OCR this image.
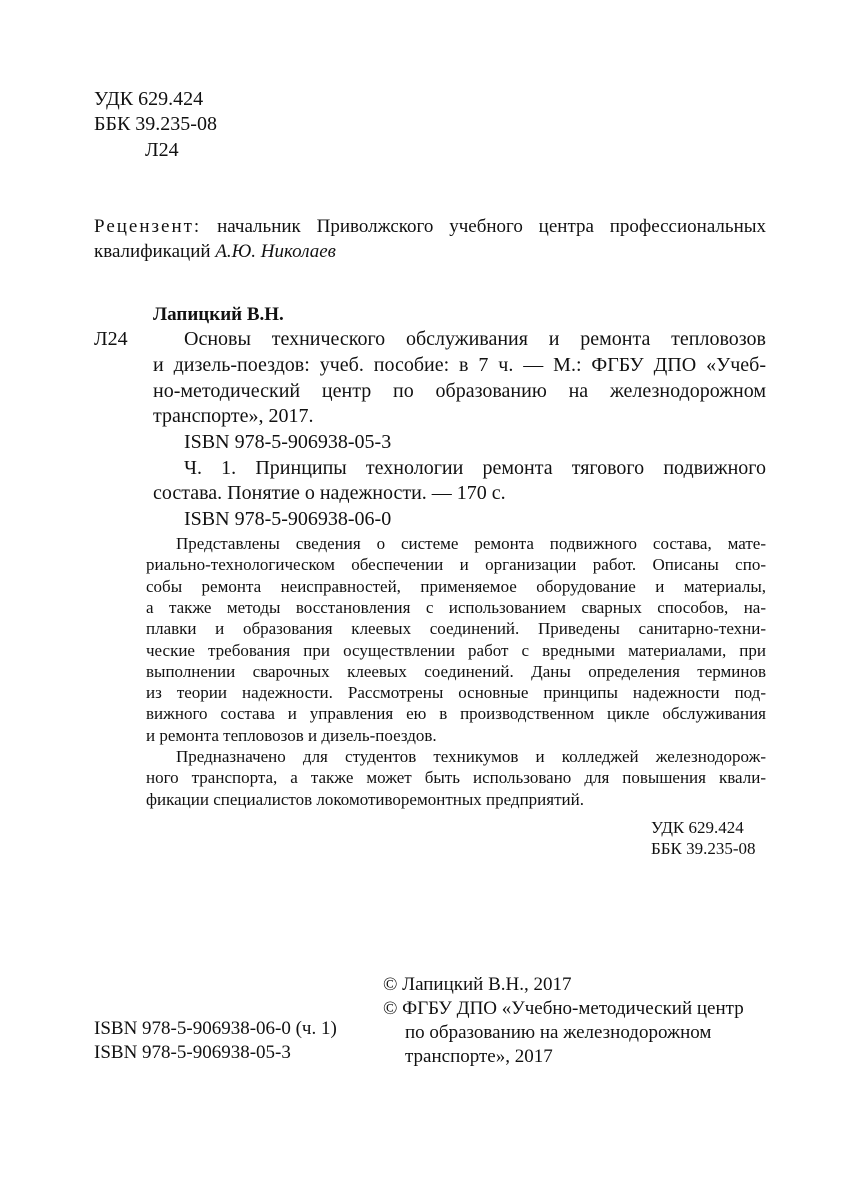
УДК 629.424
ББК 39.235-08
Л24
Рецензент: начальник Приволжского учебного центра профессиональных
квалификаций А.Ю. Николаев
Лапицкий В.Н.
Л24	Основы технического обслуживания и ремонта тепловозов
и дизель-поездов: учеб. пособие: в 7 ч. — М.: ФГБУ ДПО «Учеб-
но-методический центр по образованию на железнодорожном
транспорте», 2017.
ISBN 978-5-906938-05-3
Ч. 1. Принципы технологии ремонта тягового подвижного
состава. Понятие о надежности. — 170 с.
ISBN 978-5-906938-06-0
Представлены сведения о системе ремонта подвижного состава, мате-
риально-технологическом обеспечении и организации работ. Описаны спо-
собы ремонта неисправностей, применяемое оборудование и материалы,
а также методы восстановления с использованием сварных способов, на-
плавки и образования клеевых соединений. Приведены санитарно-техни-
ческие требования при осуществлении работ с вредными материалами, при
выполнении сварочных клеевых соединений. Даны определения терминов
из теории надежности. Рассмотрены основные принципы надежности под-
вижного состава и управления ею в производственном цикле обслуживания
и ремонта тепловозов и дизель-поездов.
Предназначено для студентов техникумов и колледжей железнодорож-
ного транспорта, а также может быть использовано для повышения квали-
фикации специалистов локомотиворемонтных предприятий.
УДК 629.424
ББК 39.235-08
© Лапицкий В.Н., 2017
© ФГБУ ДПО «Учебно-методический центр
по образованию на железнодорожном
транспорте», 2017
ISBN 978-5-906938-06-0 (ч. 1)
ISBN 978-5-906938-05-3
